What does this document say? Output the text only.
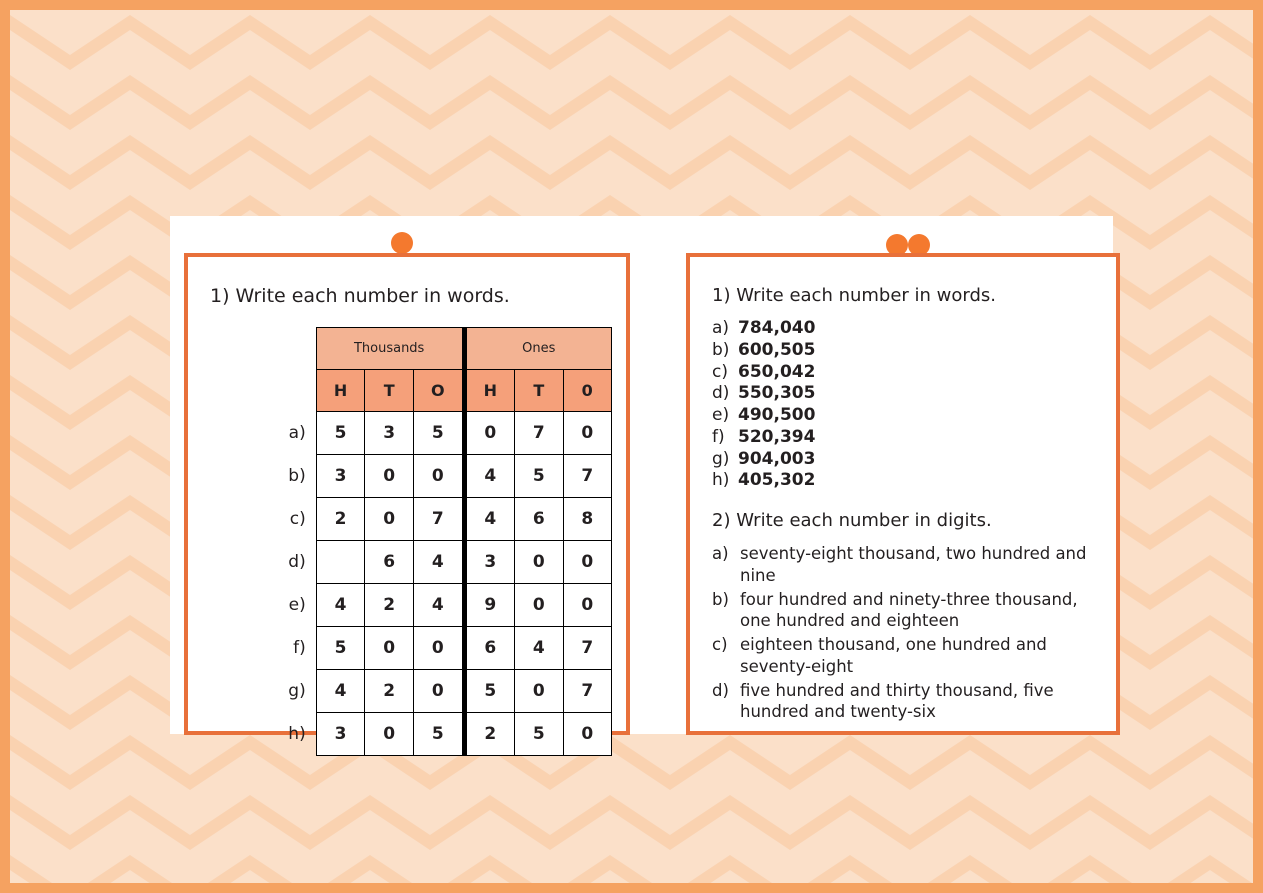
1) Write each number in words.
	Thousands			Ones		
	H	T	O	H	T	0
a)	5	3	5	0	7	0
b)	3	0	0	4	5	7
c)	2	0	7	4	6	8
d)		6	4	3	0	0
e)	4	2	4	9	0	0
f)	5	0	0	6	4	7
g)	4	2	0	5	0	7
h)	3	0	5	2	5	0
1) Write each number in words.
a) 784,040
b) 600,505
c) 650,042
d) 550,305
e) 490,500
f) 520,394
g) 904,003
h) 405,302
2) Write each number in digits.
a) seventy-eight thousand, two hundred and nine
b) four hundred and ninety-three thousand, one hundred and eighteen
c) eighteen thousand, one hundred and seventy-eight
d) five hundred and thirty thousand, five hundred and twenty-six
